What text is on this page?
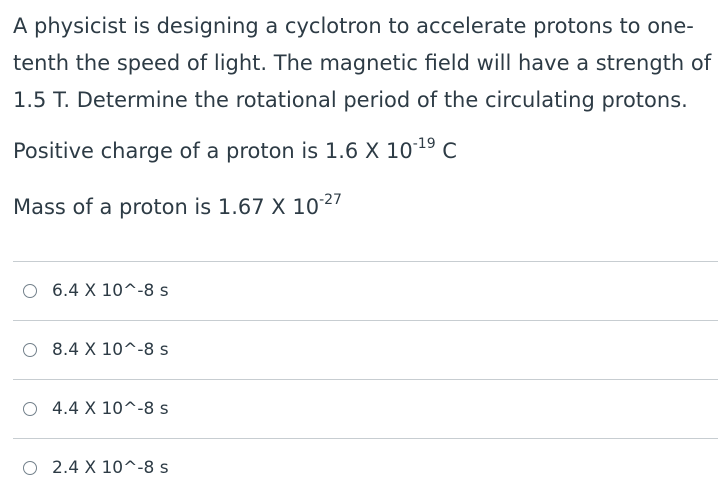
A physicist is designing a cyclotron to accelerate protons to one-tenth the speed of light. The magnetic field will have a strength of 1.5 T. Determine the rotational period of the circulating protons.

Positive charge of a proton is 1.6 X $10^{-19}$ C

Mass of a proton is 1.67 X $10^{-27}$

6.4 X 10^-8 s
8.4 X 10^-8 s
4.4 X 10^-8 s
2.4 X 10^-8 s
